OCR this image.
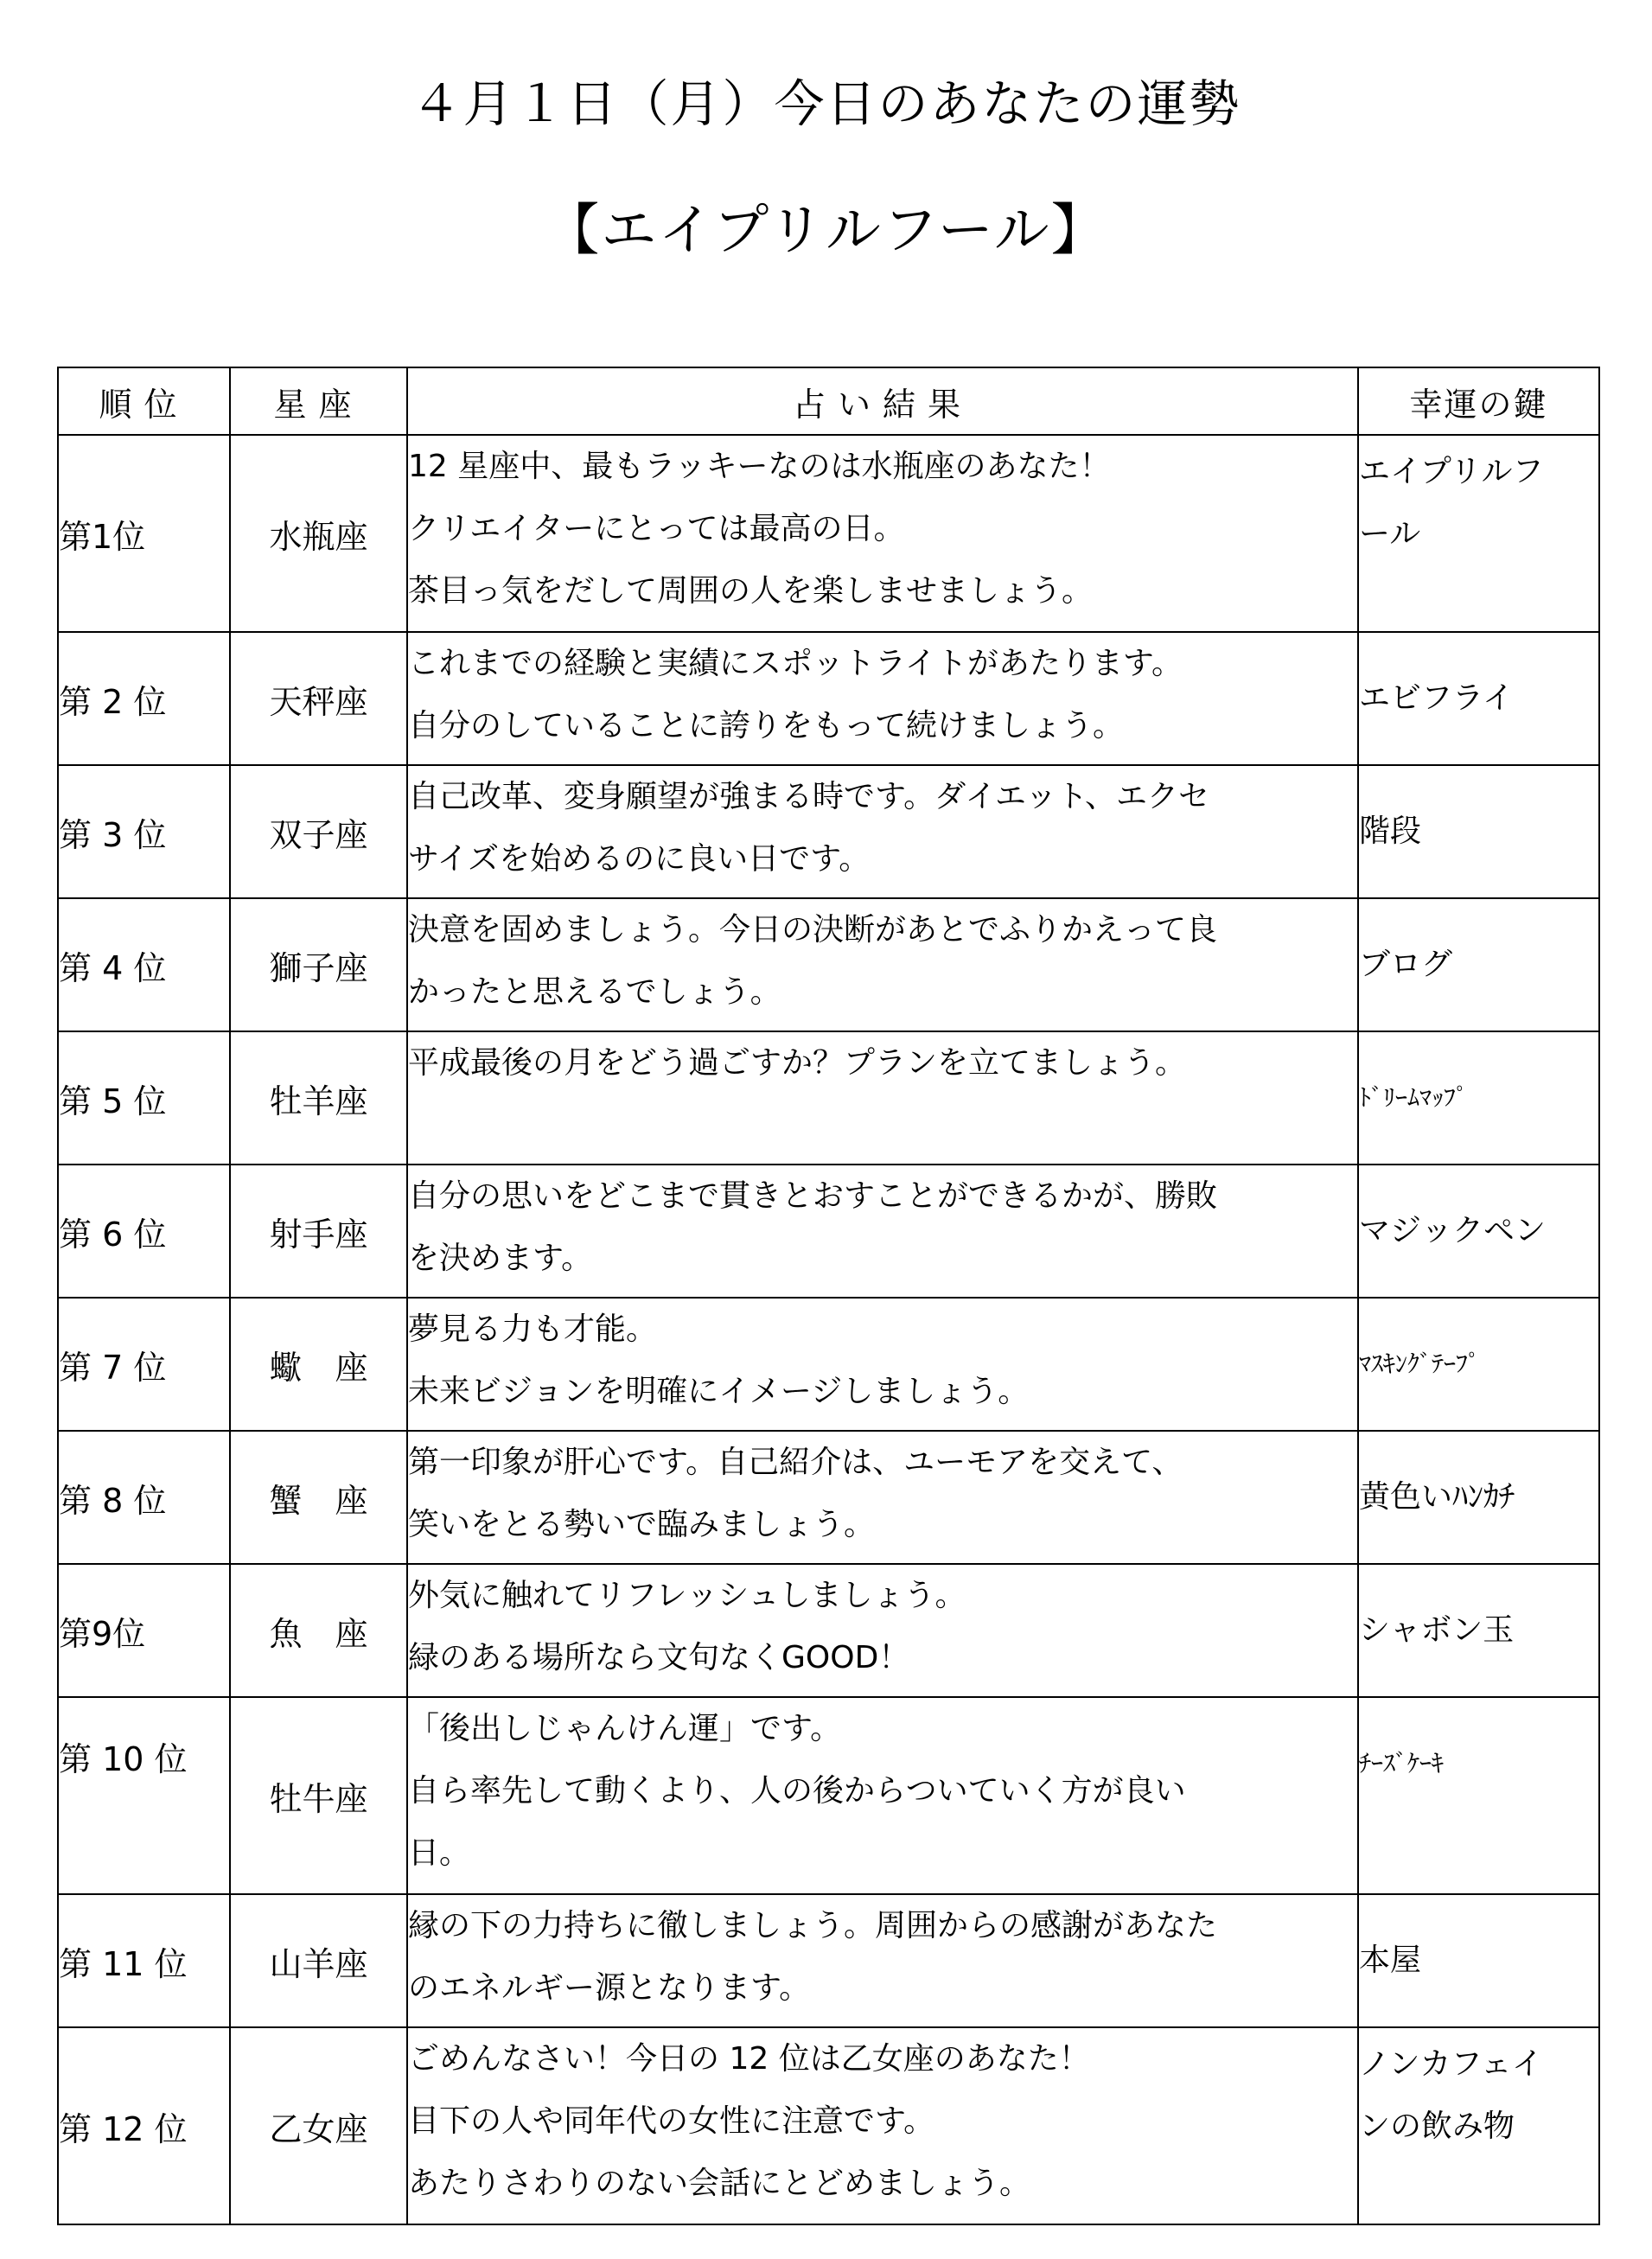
４月１日（月）今日のあなたの運勢
【エイプリルフール】
順位	星座	占い結果	幸運の鍵
第1位	水瓶座	12 星座中、最もラッキーなのは水瓶座のあなた！
クリエイターにとっては最高の日。
茶目っ気をだして周囲の人を楽しませましょう。	エイプリルフ
ール

第 2 位	天秤座	これまでの経験と実績にスポットライトがあたります。
自分のしていることに誇りをもって続けましょう。	エビフライ
第 3 位	双子座	自己改革、変身願望が強まる時です。ダイエット、エクセ
サイズを始めるのに良い日です。	階段
第 4 位	獅子座	決意を固めましょう。今日の決断があとでふりかえって良
かったと思えるでしょう。	ブログ
第 5 位	牡羊座	平成最後の月をどう過ごすか？プランを立てましょう。	ﾄﾞﾘｰﾑﾏｯﾌﾟ
第 6 位	射手座	自分の思いをどこまで貫きとおすことができるかが、勝敗
を決めます。	マジックペン
第 7 位	蠍　座	夢見る力も才能。
未来ビジョンを明確にイメージしましょう。	ﾏｽｷﾝｸﾞﾃｰﾌﾟ
第 8 位	蟹　座	第一印象が肝心です。自己紹介は、ユーモアを交えて、
笑いをとる勢いで臨みましょう。	黄色いﾊﾝｶﾁ
第9位	魚　座	外気に触れてリフレッシュしましょう。
緑のある場所なら文句なくGOOD！	シャボン玉
第 10 位	牡牛座	「後出しじゃんけん運」です。
自ら率先して動くより、人の後からついていく方が良い
日。	ﾁｰｽﾞｹｰｷ
第 11 位	山羊座	縁の下の力持ちに徹しましょう。周囲からの感謝があなた
のエネルギー源となります。	本屋
第 12 位	乙女座	ごめんなさい！今日の 12 位は乙女座のあなた！
目下の人や同年代の女性に注意です。
あたりさわりのない会話にとどめましょう。	ノンカフェイ
ンの飲み物
